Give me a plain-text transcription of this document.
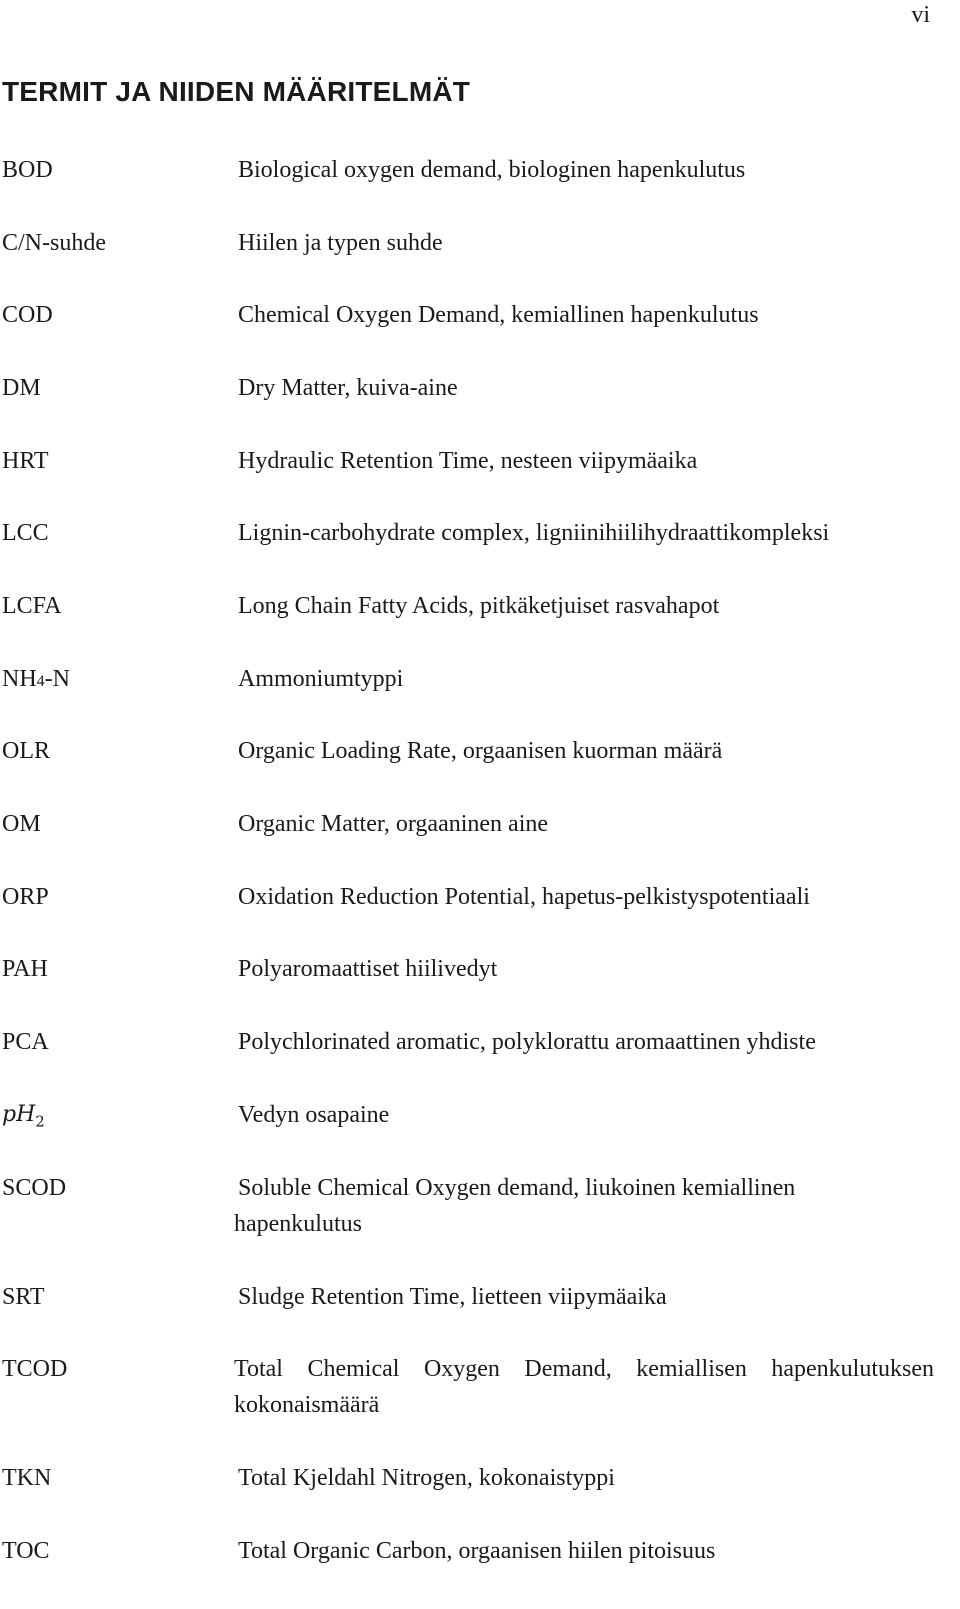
vi
TERMIT JA NIIDEN MÄÄRITELMÄT
BOD	Biological oxygen demand, biologinen hapenkulutus
C/N-suhde	Hiilen ja typen suhde
COD	Chemical Oxygen Demand, kemiallinen hapenkulutus
DM	Dry Matter, kuiva-aine
HRT	Hydraulic Retention Time, nesteen viipymäaika
LCC	Lignin-carbohydrate complex, ligniinihiilihydraattikompleksi
LCFA	Long Chain Fatty Acids, pitkäketjuiset rasvahapot
NH4-N	Ammoniumtyppi
OLR	Organic Loading Rate, orgaanisen kuorman määrä
OM	Organic Matter, orgaaninen aine
ORP	Oxidation Reduction Potential, hapetus-pelkistyspotentiaali
PAH	Polyaromaattiset hiilivedyt
PCA	Polychlorinated aromatic, polyklorattu aromaattinen yhdiste
$pH_2$	Vedyn osapaine
SCOD	Soluble Chemical Oxygen demand, liukoinen kemiallinen hapenkulutus
SRT	Sludge Retention Time, lietteen viipymäaika
TCOD	Total Chemical Oxygen Demand, kemiallisen hapenkulutuksen kokonaismäärä
TKN	Total Kjeldahl Nitrogen, kokonaistyppi
TOC	Total Organic Carbon, orgaanisen hiilen pitoisuus
